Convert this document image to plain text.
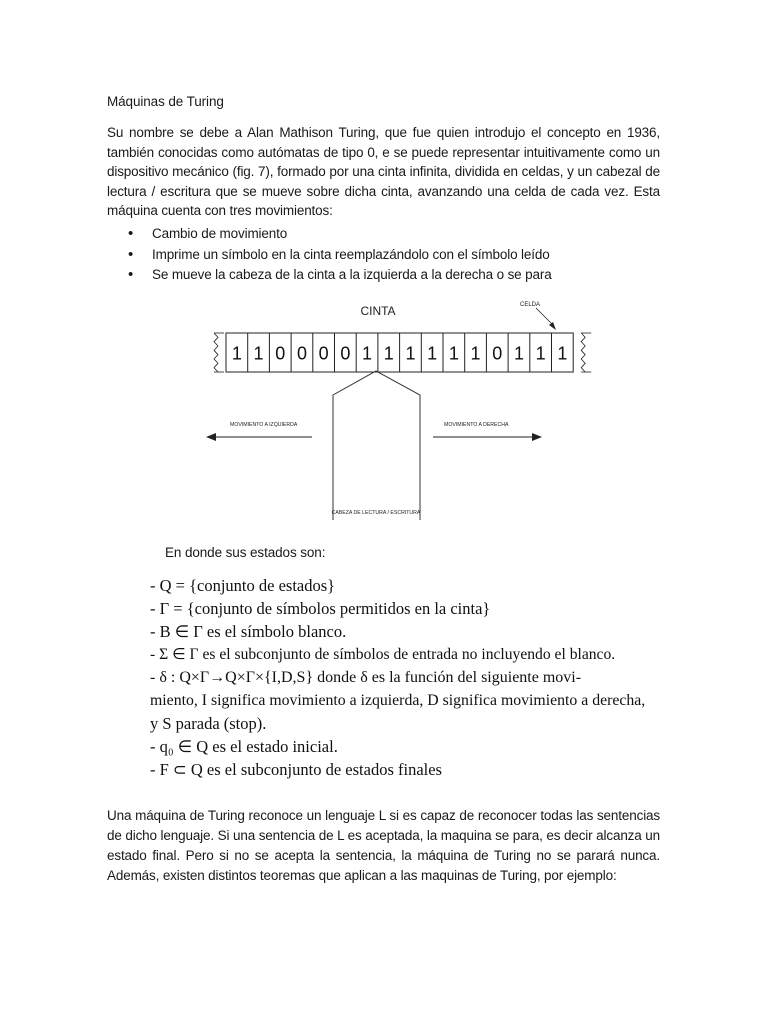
Máquinas de Turing
Su nombre se debe a Alan Mathison Turing, que fue quien introdujo el concepto en 1936, también conocidas como autómatas de tipo 0, e se puede representar intuitivamente como un dispositivo mecánico (fig. 7), formado por una cinta infinita, dividida en celdas, y un cabezal de lectura / escritura que se mueve sobre dicha cinta, avanzando una celda de cada vez. Esta máquina cuenta con tres movimientos:
• Cambio de movimiento
• Imprime un símbolo en la cinta reemplazándolo con el símbolo leído
• Se mueve la cabeza de la cinta a la izquierda a la derecha o se para
CINTA	CELDA
1 1 0 0 0 0 1 1 1 1 1 1 0 1 1 1
MOVIMIENTO A IZQUIERDA	MOVIMIENTO A DERECHA
CABEZA DE LECTURA / ESCRITURA
En donde sus estados son:
- Q = {conjunto de estados}
- Γ = {conjunto de símbolos permitidos en la cinta}
- B ∈ Γ es el símbolo blanco.
- Σ ∈ Γ es el subconjunto de símbolos de entrada no incluyendo el blanco.
- δ : Q×Γ→Q×Γ×{I,D,S} donde δ es la función del siguiente movi-
miento, I significa movimiento a izquierda, D significa movimiento a derecha,
y S parada (stop).
- q₀ ∈ Q es el estado inicial.
- F ⊂ Q es el subconjunto de estados finales
Una máquina de Turing reconoce un lenguaje L si es capaz de reconocer todas las sentencias de dicho lenguaje. Si una sentencia de L es aceptada, la maquina se para, es decir alcanza un estado final. Pero si no se acepta la sentencia, la máquina de Turing no se parará nunca. Además, existen distintos teoremas que aplican a las maquinas de Turing, por ejemplo:
